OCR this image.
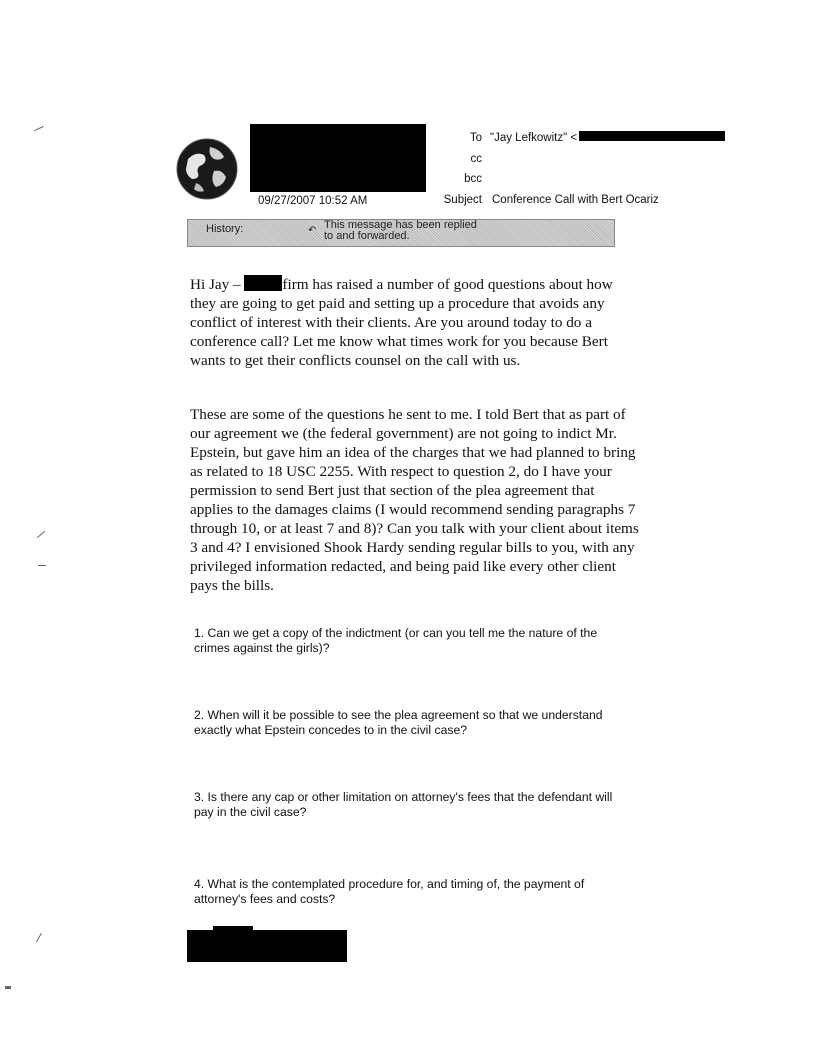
To "Jay Lefkowitz" <
cc
bcc
Subject Conference Call with Bert Ocariz
09/27/2007 10:52 AM
History:	↶ This message has been replied
to and forwarded.

Hi Jay –	firm has raised a number of good questions about how they are going to get paid and setting up a procedure that avoids any conflict of interest with their clients. Are you around today to do a conference call? Let me know what times work for you because Bert wants to get their conflicts counsel on the call with us.

These are some of the questions he sent to me. I told Bert that as part of our agreement we (the federal government) are not going to indict Mr. Epstein, but gave him an idea of the charges that we had planned to bring as related to 18 USC 2255. With respect to question 2, do I have your permission to send Bert just that section of the plea agreement that applies to the damages claims (I would recommend sending paragraphs 7 through 10, or at least 7 and 8)? Can you talk with your client about items 3 and 4? I envisioned Shook Hardy sending regular bills to you, with any privileged information redacted, and being paid like every other client pays the bills.

1. Can we get a copy of the indictment (or can you tell me the nature of the crimes against the girls)?

2. When will it be possible to see the plea agreement so that we understand exactly what Epstein concedes to in the civil case?

3. Is there any cap or other limitation on attorney's fees that the defendant will pay in the civil case?

4. What is the contemplated procedure for, and timing of, the payment of attorney's fees and costs?
